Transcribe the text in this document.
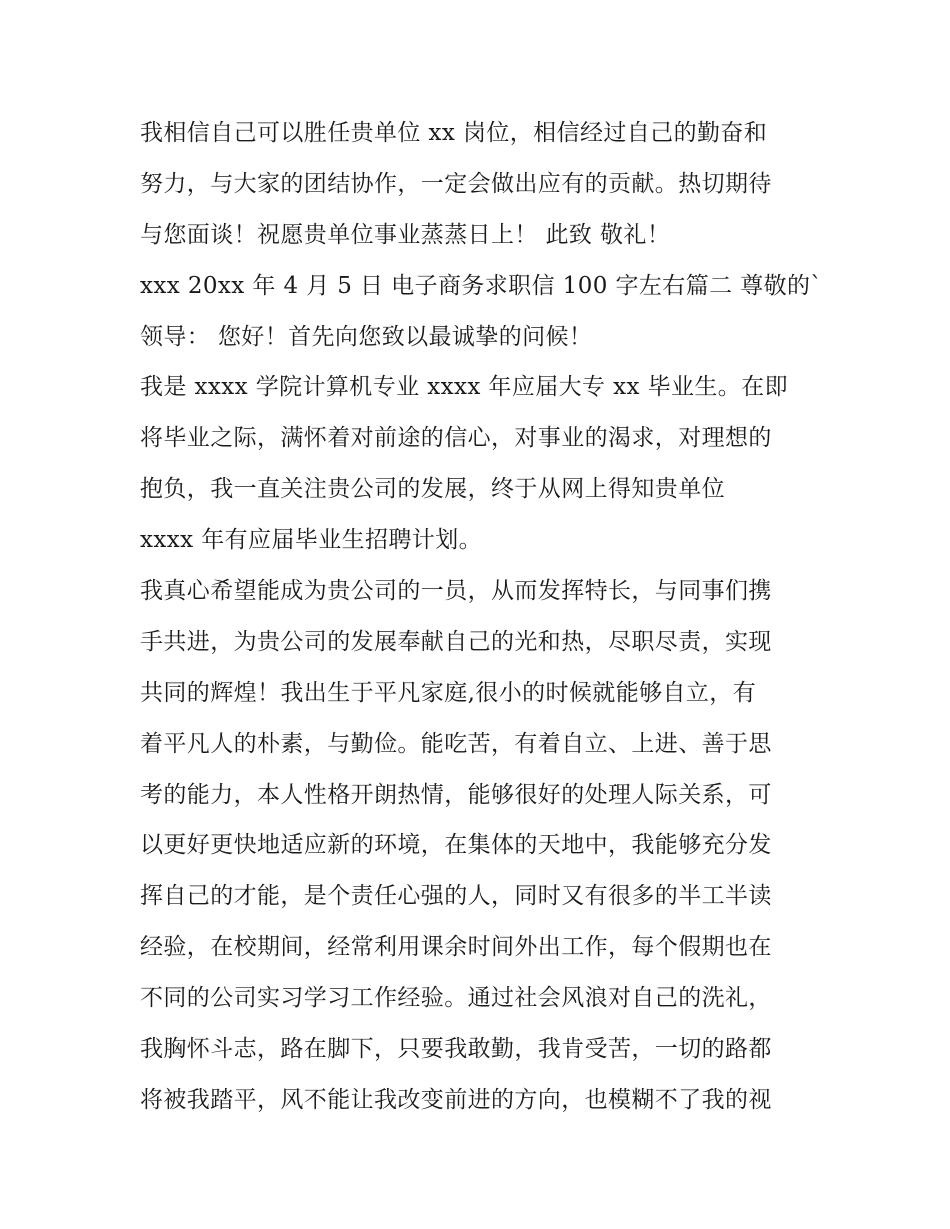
我相信自己可以胜任贵单位 xx 岗位，相信经过自己的勤奋和
努力，与大家的团结协作，一定会做出应有的贡献。热切期待
与您面谈！祝愿贵单位事业蒸蒸日上！ 此致 敬礼！
xxx 20xx 年 4 月 5 日 电子商务求职信 100 字左右篇二 尊敬的`
领导： 您好！首先向您致以最诚挚的问候！
我是 xxxx 学院计算机专业 xxxx 年应届大专 xx 毕业生。在即
将毕业之际，满怀着对前途的信心，对事业的渴求，对理想的
抱负，我一直关注贵公司的发展，终于从网上得知贵单位
xxxx 年有应届毕业生招聘计划。
我真心希望能成为贵公司的一员，从而发挥特长，与同事们携
手共进，为贵公司的发展奉献自己的光和热，尽职尽责，实现
共同的辉煌！我出生于平凡家庭,很小的时候就能够自立，有
着平凡人的朴素，与勤俭。能吃苦，有着自立、上进、善于思
考的能力，本人性格开朗热情，能够很好的处理人际关系，可
以更好更快地适应新的环境，在集体的天地中，我能够充分发
挥自己的才能，是个责任心强的人，同时又有很多的半工半读
经验，在校期间，经常利用课余时间外出工作，每个假期也在
不同的公司实习学习工作经验。通过社会风浪对自己的洗礼，
我胸怀斗志，路在脚下，只要我敢勤，我肯受苦，一切的路都
将被我踏平，风不能让我改变前进的方向，也模糊不了我的视
